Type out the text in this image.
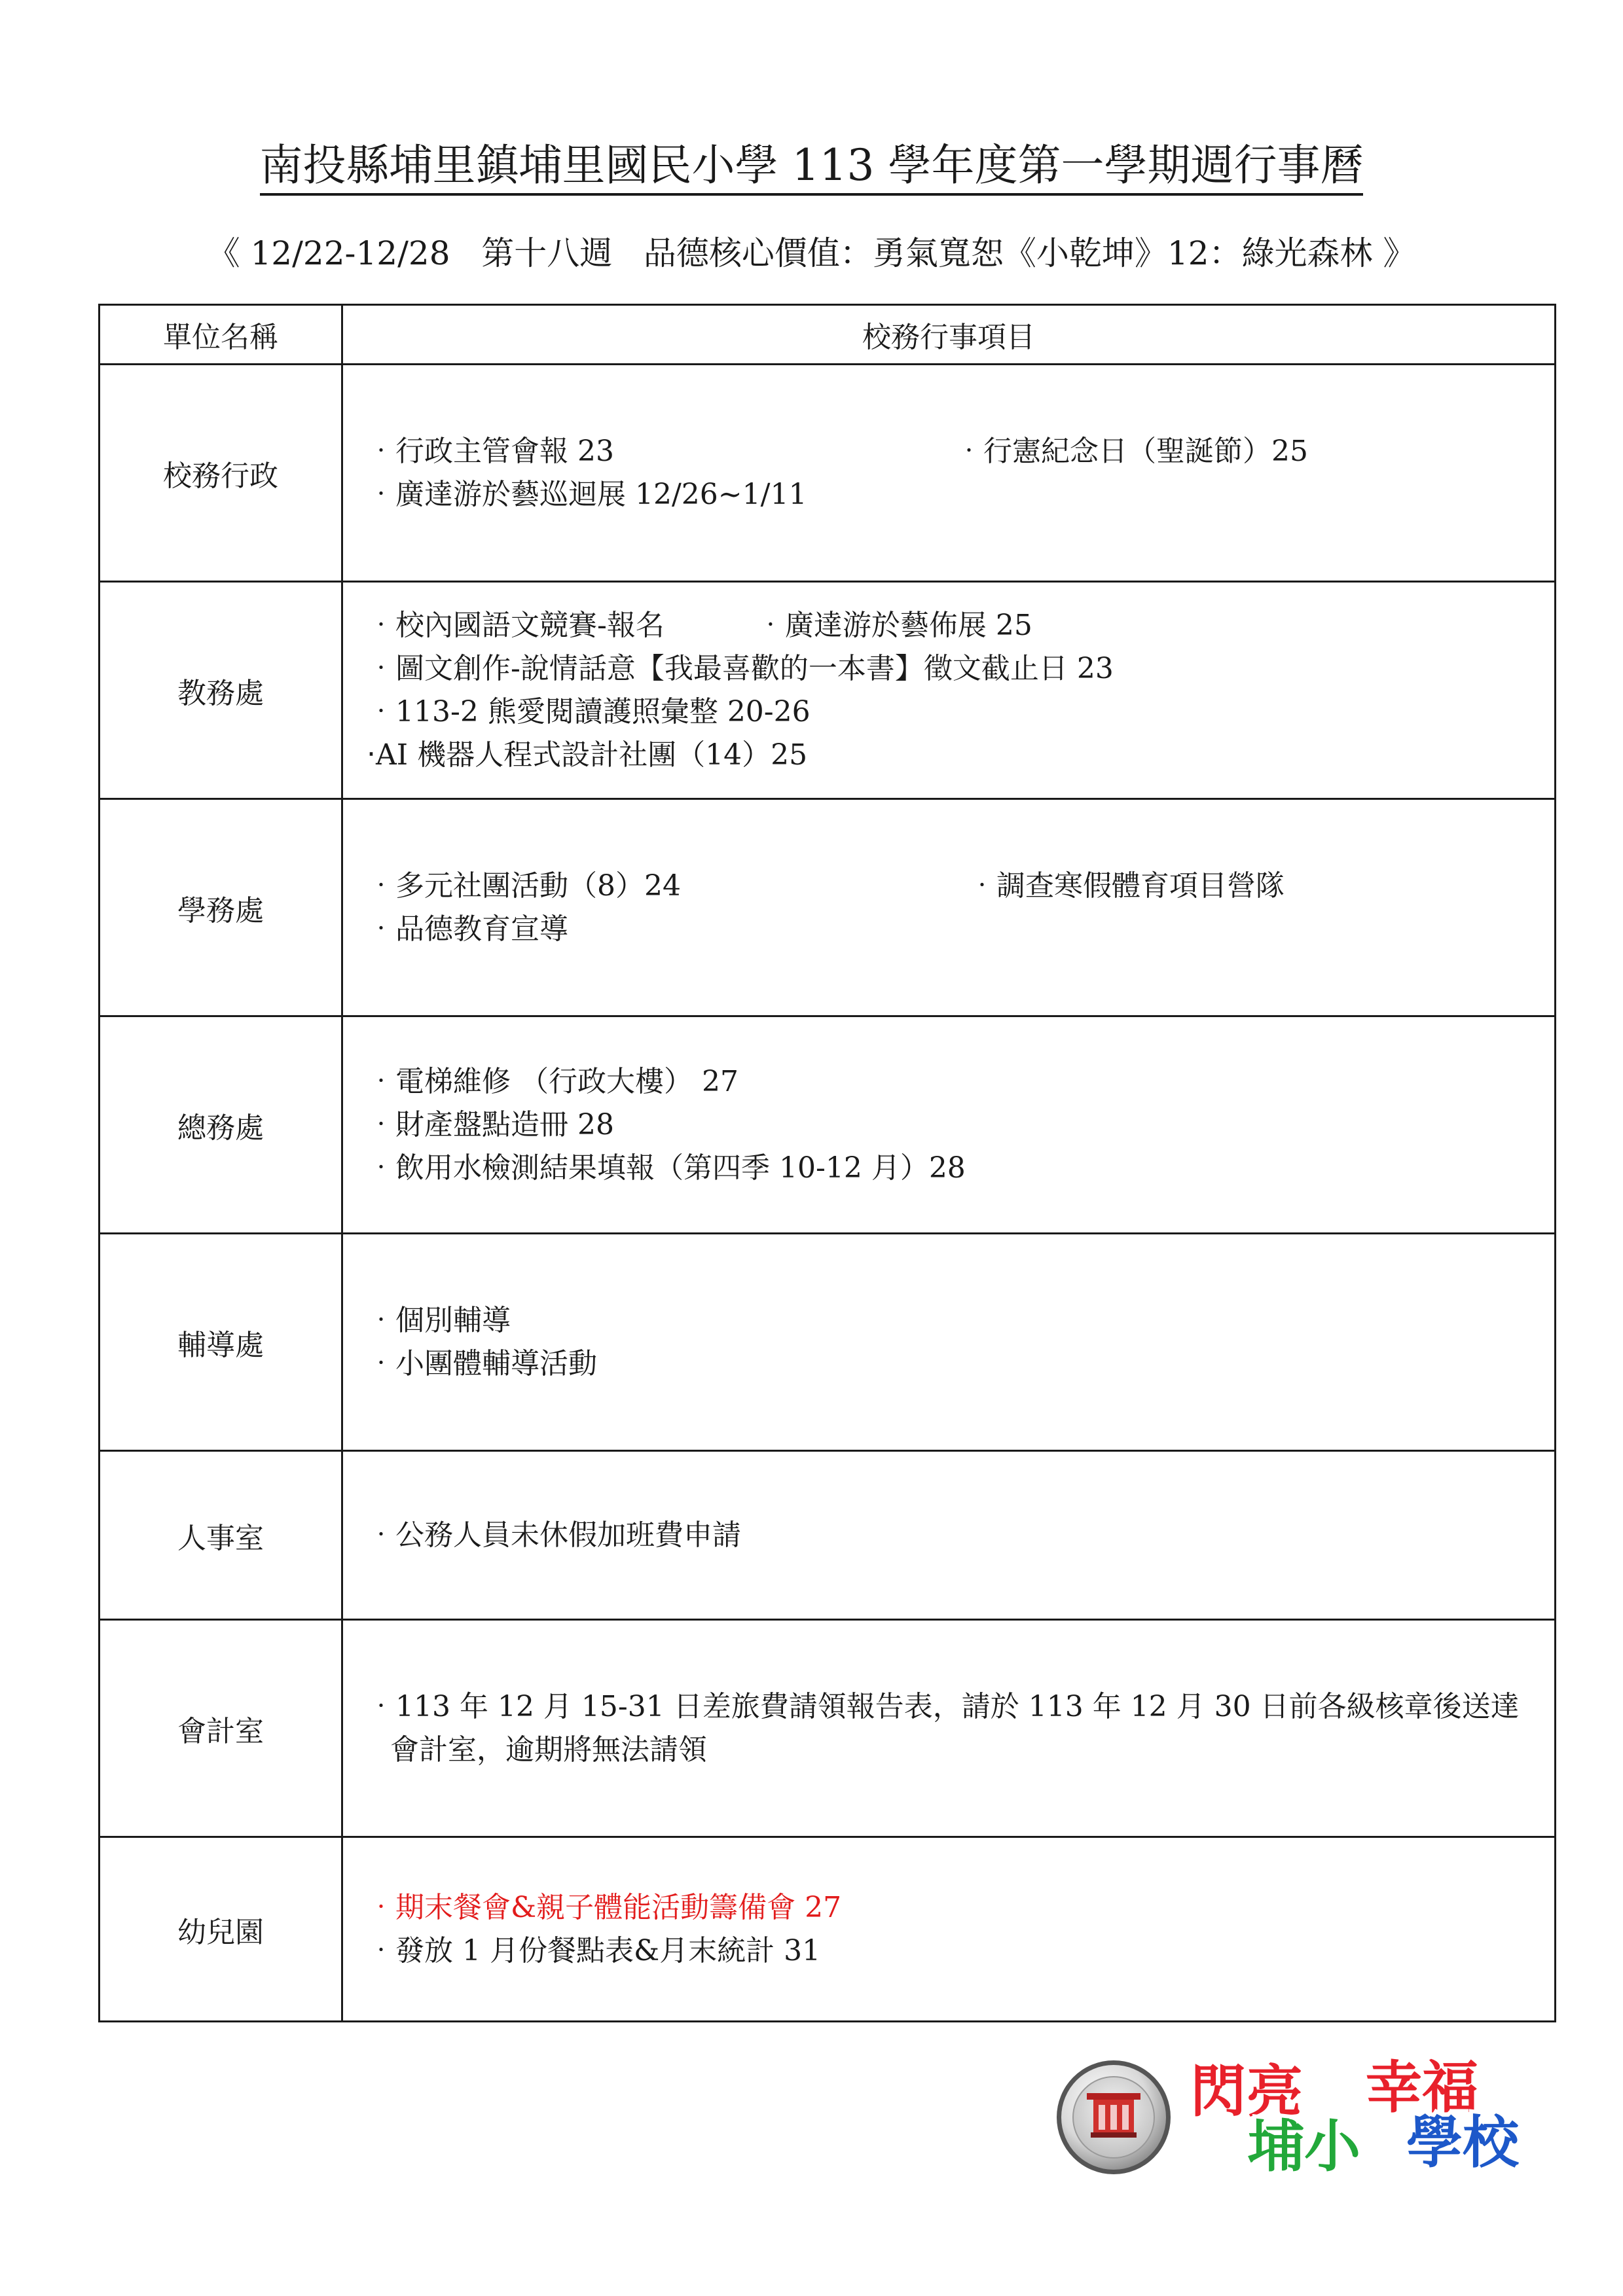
南投縣埔里鎮埔里國民小學 113 學年度第一學期週行事曆
《 12/22-12/28   第十八週   品德核心價值：勇氣寬恕《小乾坤》12：綠光森林 》
單位名稱	校務行事項目
校務行政	‧行政主管會報 23 ‧行憲紀念日（聖誕節）25
‧廣達游於藝巡迴展 12/26~1/11

教務處	‧校內國語文競賽-報名 ‧廣達游於藝佈展 25
‧圖文創作-說情話意【我最喜歡的一本書】徵文截止日 23
‧113-2 熊愛閱讀護照彙整 20-26
‧AI 機器人程式設計社團（14）25

學務處	‧多元社團活動（8）24 ‧調查寒假體育項目營隊
‧品德教育宣導

總務處	‧電梯維修 （行政大樓） 27
‧財產盤點造冊 28
‧飲用水檢測結果填報（第四季 10-12 月）28

輔導處	‧個別輔導
‧小團體輔導活動

人事室	‧公務人員未休假加班費申請

會計室	‧113 年 12 月 15-31 日差旅費請領報告表，請於 113 年 12 月 30 日前各級核章後送達會計室，逾期將無法請領

幼兒園	‧期末餐會&親子體能活動籌備會 27
‧發放 1 月份餐點表&月末統計 31
閃亮 幸福
埔小 學校
